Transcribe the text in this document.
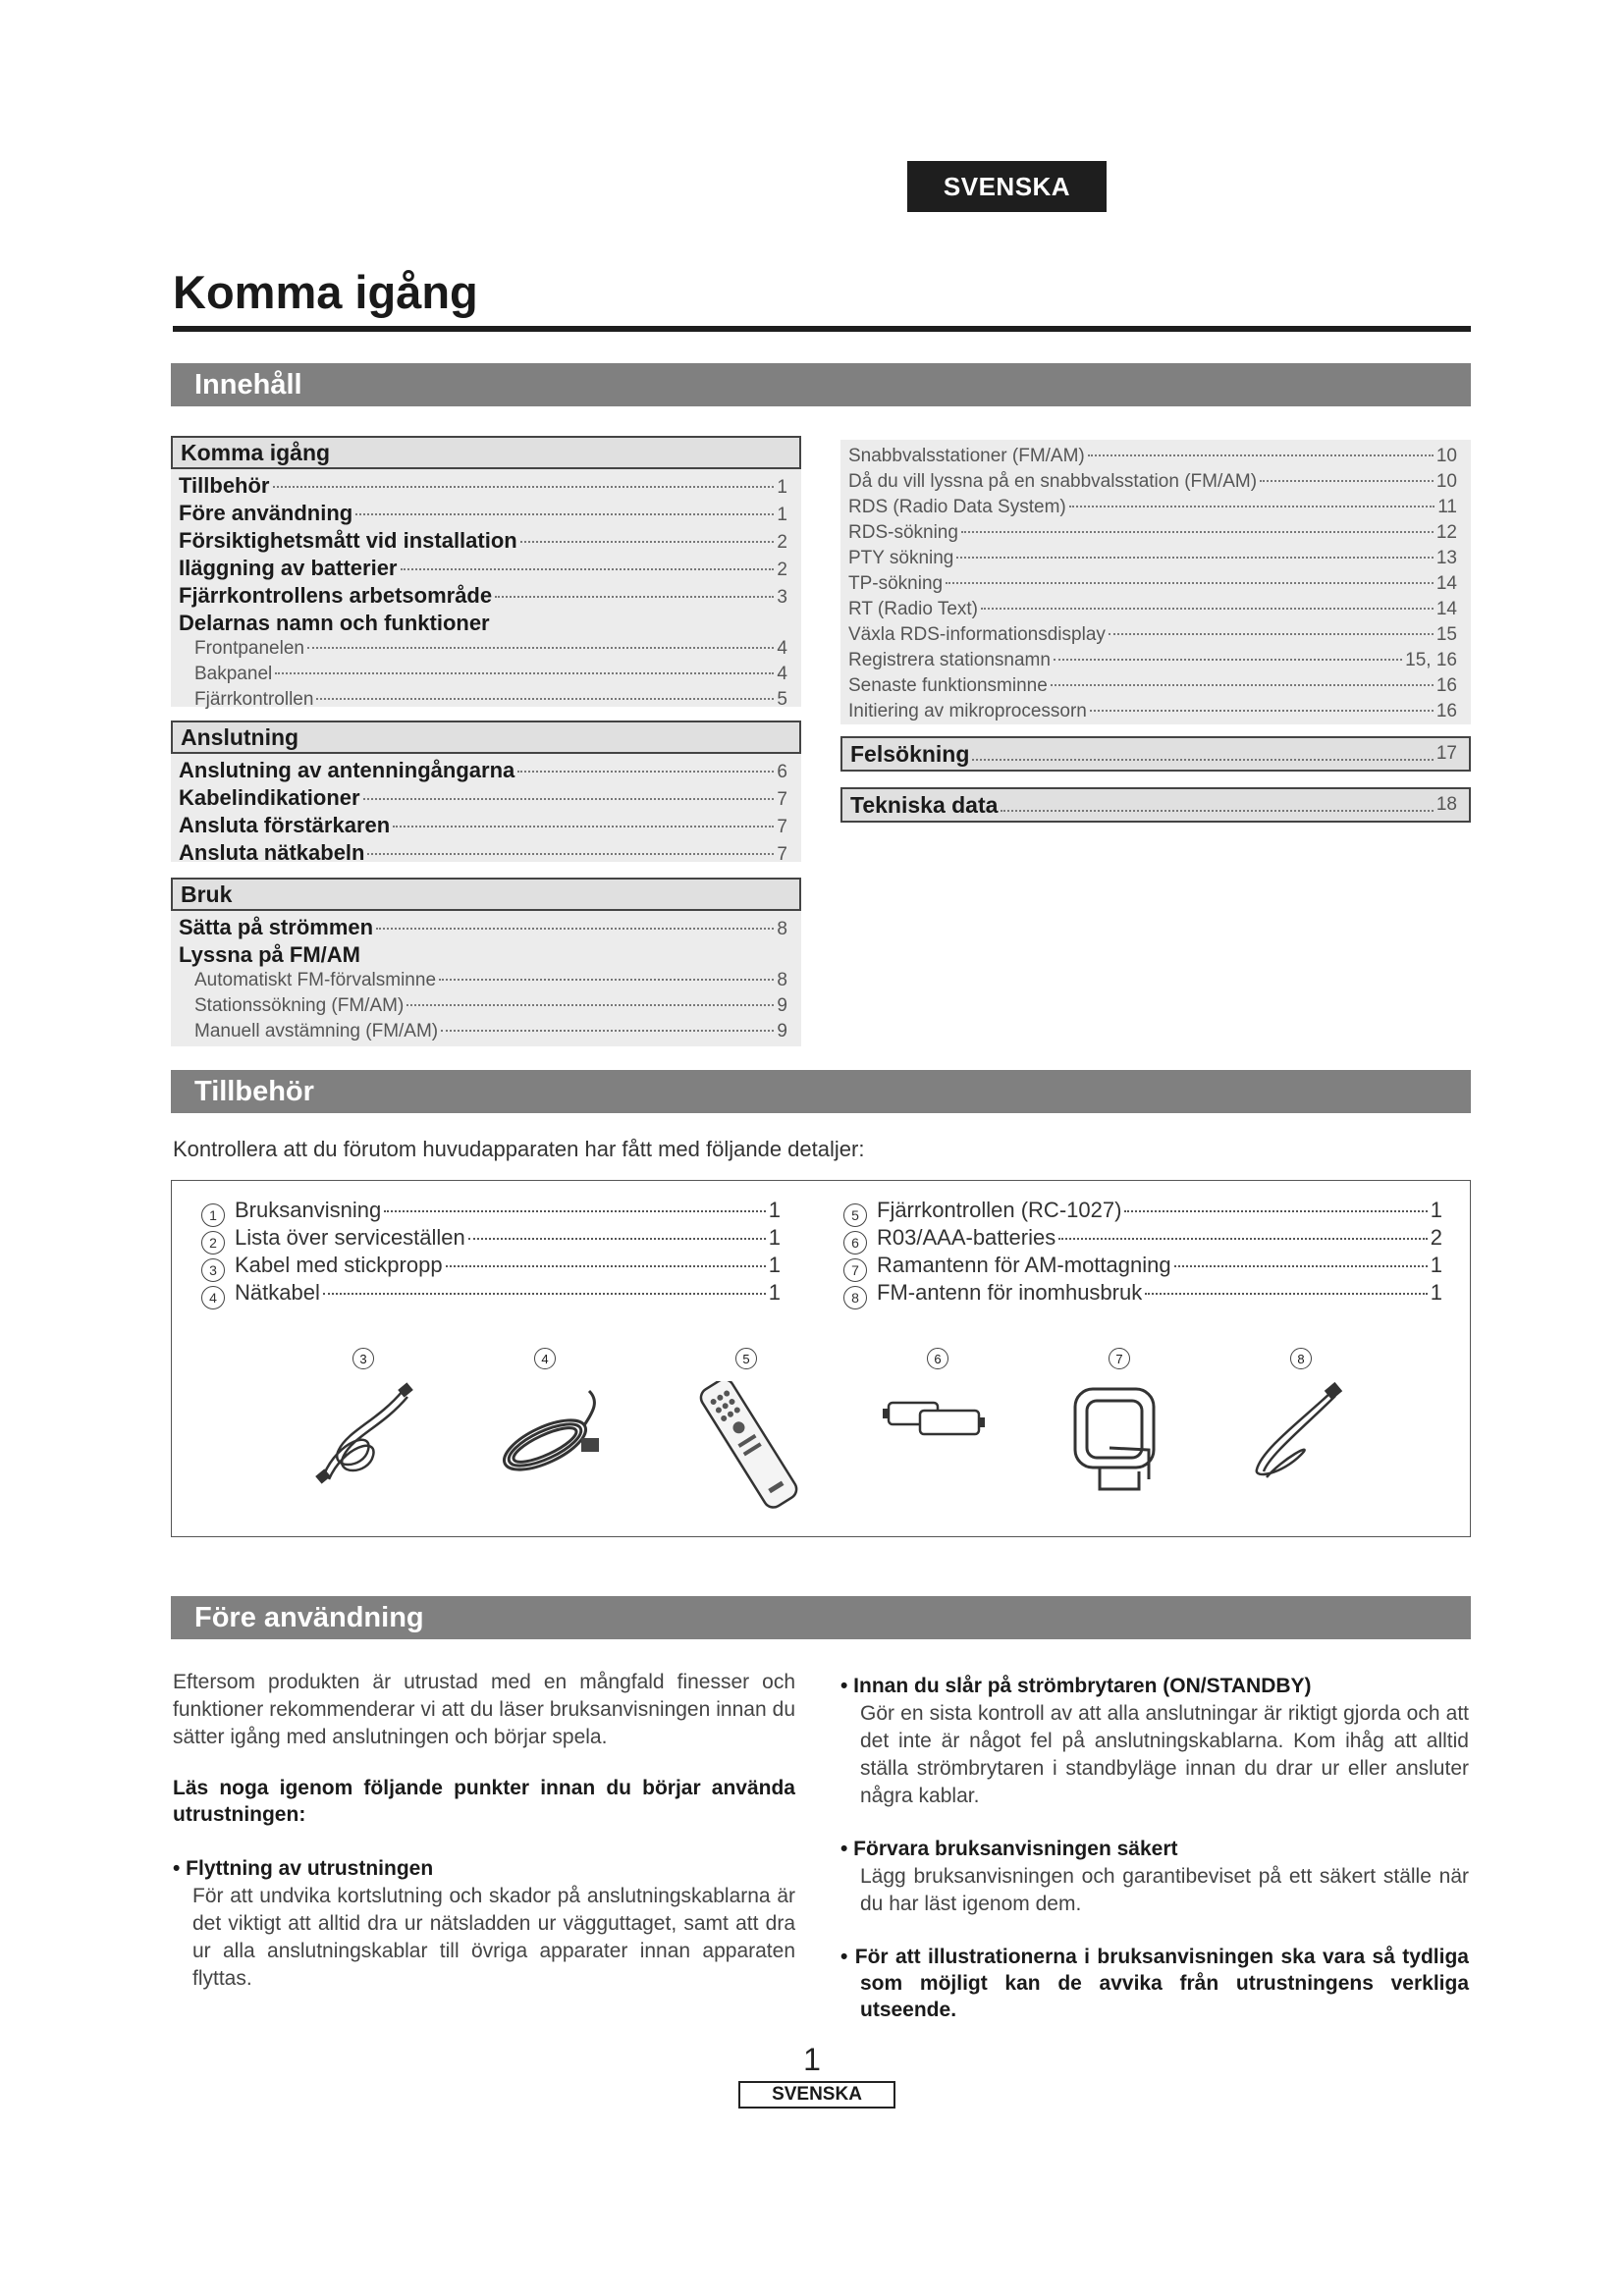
SVENSKA
Komma igång
Innehåll
Komma igång
Tillbehör	1
Före användning	1
Försiktighetsmått vid installation	2
Iläggning av batterier	2
Fjärrkontrollens arbetsområde	3
Delarnas namn och funktioner
Frontpanelen	4
Bakpanel	4
Fjärrkontrollen	5
Anslutning
Anslutning av antenningångarna	6
Kabelindikationer	7
Ansluta förstärkaren	7
Ansluta nätkabeln	7
Bruk
Sätta på strömmen	8
Lyssna på FM/AM
Automatiskt FM-förvalsminne	8
Stationssökning (FM/AM)	9
Manuell avstämning (FM/AM)	9
Snabbvalsstationer (FM/AM)	10
Då du vill lyssna på en snabbvalsstation (FM/AM)	10
RDS (Radio Data System)	11
RDS-sökning	12
PTY sökning	13
TP-sökning	14
RT (Radio Text)	14
Växla RDS-informationsdisplay	15
Registrera stationsnamn	15, 16
Senaste funktionsminne	16
Initiering av mikroprocessorn	16
Felsökning	17
Tekniska data	18
Tillbehör

Kontrollera att du förutom huvudapparaten har fått med följande detaljer:

1 Bruksanvisning	1
2 Lista över serviceställen	1
3 Kabel med stickpropp	1
4 Nätkabel	1
5 Fjärrkontrollen (RC-1027)	1
6 R03/AAA-batteries	2
7 Ramantenn för AM-mottagning	1
8 FM-antenn för inomhusbruk	1
3	4	5	6	7	8
Före användning

Eftersom produkten är utrustad med en mångfald finesser och funktioner rekommenderar vi att du läser bruksanvisningen innan du sätter igång med anslutningen och börjar spela.

Läs noga igenom följande punkter innan du börjar använda utrustningen:

• Flyttning av utrustningen

För att undvika kortslutning och skador på anslutningskablarna är det viktigt att alltid dra ur nätsladden ur vägguttaget, samt att dra ur alla anslutningskablar till övriga apparater innan apparaten flyttas.

• Innan du slår på strömbrytaren (ON/STANDBY)

Gör en sista kontroll av att alla anslutningar är riktigt gjorda och att det inte är något fel på anslutningskablarna. Kom ihåg att alltid ställa strömbrytaren i standbyläge innan du drar ur eller ansluter några kablar.

• Förvara bruksanvisningen säkert

Lägg bruksanvisningen och garantibeviset på ett säkert ställe när du har läst igenom dem.

• För att illustrationerna i bruksanvisningen ska vara så tydliga som möjligt kan de avvika från utrustningens verkliga utseende.

1
SVENSKA
